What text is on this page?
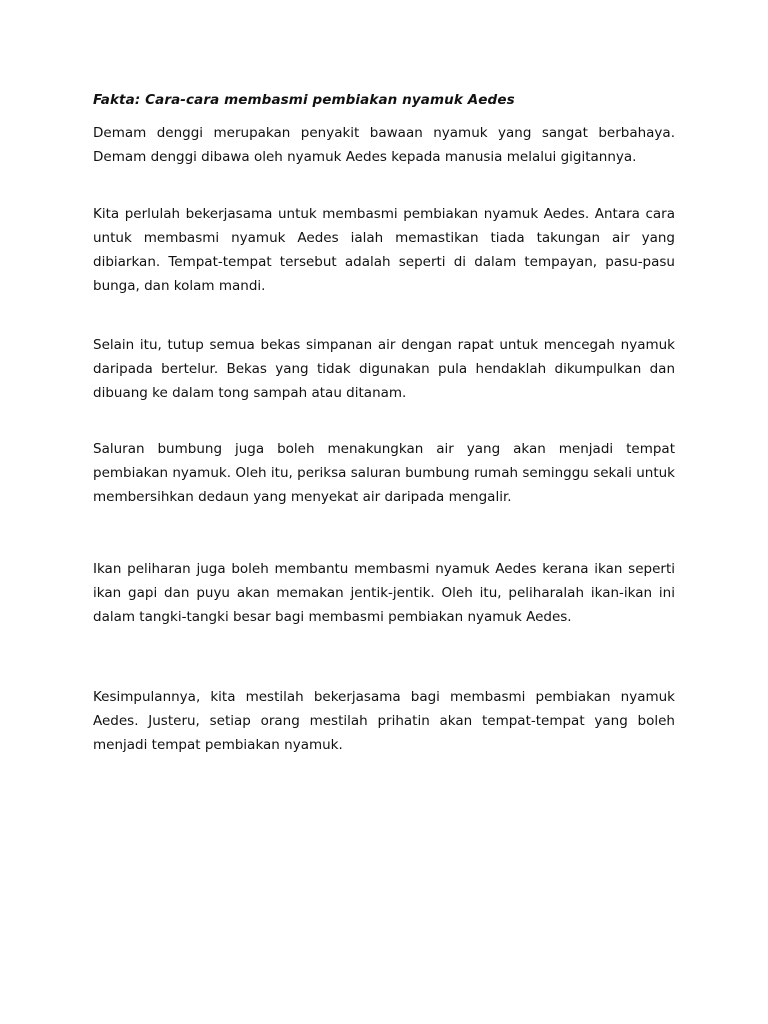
Fakta: Cara-cara membasmi pembiakan nyamuk Aedes

Demam denggi merupakan penyakit bawaan nyamuk yang sangat berbahaya. Demam denggi dibawa oleh nyamuk Aedes kepada manusia melalui gigitannya.

Kita perlulah bekerjasama untuk membasmi pembiakan nyamuk Aedes. Antara cara untuk membasmi nyamuk Aedes ialah memastikan tiada takungan air yang dibiarkan. Tempat-tempat tersebut adalah seperti di dalam tempayan, pasu-pasu bunga, dan kolam mandi.

Selain itu, tutup semua bekas simpanan air dengan rapat untuk mencegah nyamuk daripada bertelur. Bekas yang tidak digunakan pula hendaklah dikumpulkan dan dibuang ke dalam tong sampah atau ditanam.

Saluran bumbung juga boleh menakungkan air yang akan menjadi tempat pembiakan nyamuk. Oleh itu, periksa saluran bumbung rumah seminggu sekali untuk membersihkan dedaun yang menyekat air daripada mengalir.

Ikan peliharan juga boleh membantu membasmi nyamuk Aedes kerana ikan seperti ikan gapi dan puyu akan memakan jentik-jentik. Oleh itu, peliharalah ikan-ikan ini dalam tangki-tangki besar bagi membasmi pembiakan nyamuk Aedes.

Kesimpulannya, kita mestilah bekerjasama bagi membasmi pembiakan nyamuk Aedes. Justeru, setiap orang mestilah prihatin akan tempat-tempat yang boleh menjadi tempat pembiakan nyamuk.
